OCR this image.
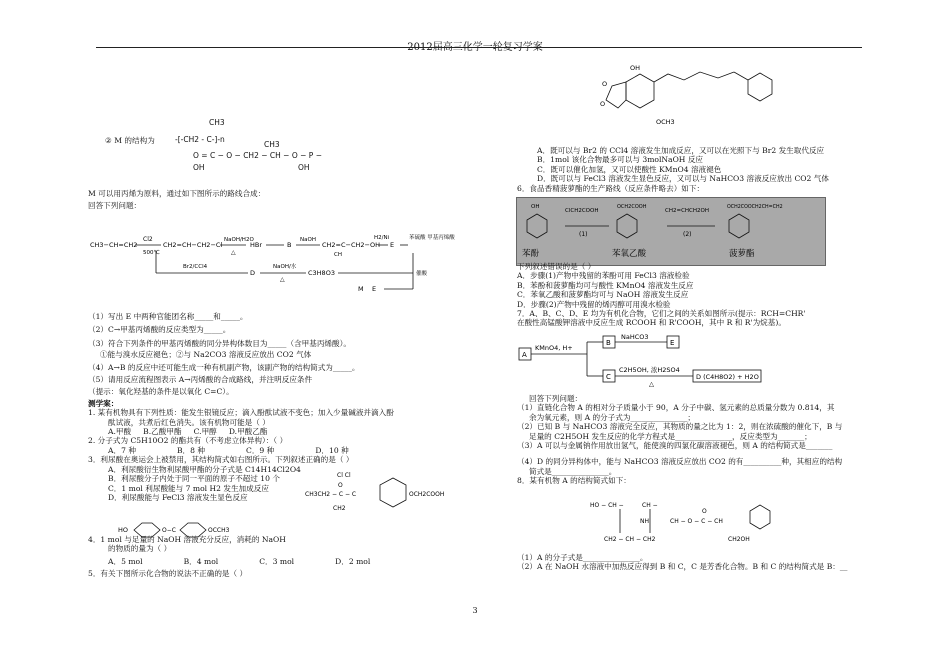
2012届高三化学一轮复习学案
CH3
② M 的结构为	-[-CH2 - C-]-n
CH3
O = C − O − CH2 − CH − O − P −
OH	OH
M 可以用丙烯为原料，通过如下图所示的路线合成：
回答下列问题：
CH3−CH=CH2
Cl2
500℃
CH2=CH−CH2−Cl
NaOH/H2O
△
HBr	B
NaOH
CH2=C−CH2−OH
CH
H2/Ni
E
苯硫酸 甲基丙烯酸
Br2/CCl4
D
NaOH/水
△
C3H8O3	催酸
M E

（1）写出 E 中两种官能团名称_____和_____。

（2）C→甲基丙烯酸的反应类型为_____。

（3）符合下列条件的甲基丙烯酸的同分异构体数目为_____（含甲基丙烯酸）。

①能与溴水反应褪色；②与 Na2CO3 溶液反应放出 CO2 气体

（4）A→B 的反应中还可能生成一种有机副产物，该副产物的结构简式为_____。

（5）请用反应流程图表示 A→丙烯酸的合成路线，并注明反应条件

（提示：氧化羟基的条件是以氧化 C=C）。

测学案：

1. 某有机物具有下列性质：能发生银镜反应；滴入酚酞试液不变色；加入少量碱液并滴入酚

酞试液，共煮后红色消失。该有机物可能是（ ）

A.甲酸 B.乙酸甲酯 C.甲醇 D.甲酸乙酯

2. 分子式为 C5H10O2 的酯共有（不考虑立体异构）：（ ）

A．7 种	B．8 种	C．9 种	D．10 种

3．利尿酸在奥运会上被禁用，其结构简式如右图所示。下列叙述正确的是（ ）

A．利尿酸衍生物利尿酸甲酯的分子式是 C14H14Cl2O4

B．利尿酸分子内处于同一平面的原子不超过 10 个

C．1 mol 利尿酸能与 7 mol H2 发生加成反应

D．利尿酸能与 FeCl3 溶液发生显色反应

Cl Cl
CH3CH2 − C − C
O
CH2
OCH2COOH
HO	O−C	OCCH3

4．1 mol 与足量的 NaOH 溶液充分反应，消耗的 NaOH

的物质的量为（ ）

A．5 mol	B．4 mol	C．3 mol	D．2 mol

5．有关下图所示化合物的说法不正确的是（ ）

OH
O
O
OCH3

A．既可以与 Br2 的 CCl4 溶液发生加成反应，又可以在光照下与 Br2 发生取代反应

B．1mol 该化合物最多可以与 3molNaOH 反应

C．既可以催化加氢，又可以使酸性 KMnO4 溶液褪色

D．既可以与 FeCl3 溶液发生显色反应，又可以与 NaHCO3 溶液反应放出 CO2 气体

6．食品香精菠萝酯的生产路线（反应条件略去）如下：

OH
苯酚
ClCH2COOH
(1)
OCH2COOH
苯氧乙酸
CH2=CHCH2OH
(2)
OCH2COOCH2CH=CH2
菠萝酯

下列叙述错误的是（ ）

A．步骤(1)产物中残留的苯酚可用 FeCl3 溶液检验

B．苯酚和菠萝酯均可与酸性 KMnO4 溶液发生反应

C．苯氧乙酸和菠萝酯均可与 NaOH 溶液发生反应

D．步骤(2)产物中残留的烯丙醇可用溴水检验

7．A、B、C、D、E 均为有机化合物，它们之间的关系如图所示(提示：RCH=CHR'

在酸性高锰酸钾溶液中反应生成 RCOOH 和 R'COOH，其中 R 和 R'为烷基)。

A
KMnO4, H+
B
NaHCO3
E
C
C2H5OH, 浓H2SO4
△
D (C4H8O2) + H2O

回答下列问题：

（1）直链化合物 A 的相对分子质量小于 90，A 分子中碳、氢元素的总质量分数为 0.814，其

余为氧元素，则 A 的分子式为_______________；

（2）已知 B 与 NaHCO3 溶液完全反应，其物质的量之比为 1：2，则在浓硫酸的催化下，B 与

足量的 C2H5OH 发生反应的化学方程式是_______________，反应类型为_______；

（3）A 可以与金属钠作用放出氢气，能使溴的四氯化碳溶液褪色，则 A 的结构简式是_______

（4）D 的同分异构体中，能与 NaHCO3 溶液反应放出 CO2 的有__________种，其相应的结构

简式是_______________。

8．某有机物 A 的结构简式如下：

HO − CH −	CH −
NH	CH − O − C − CH
O
CH2 − CH − CH2	CH2OH

（1）A 的分子式是_______________。

（2）A 在 NaOH 水溶液中加热反应得到 B 和 C，C 是芳香化合物。B 和 C 的结构简式是 B：__

3
